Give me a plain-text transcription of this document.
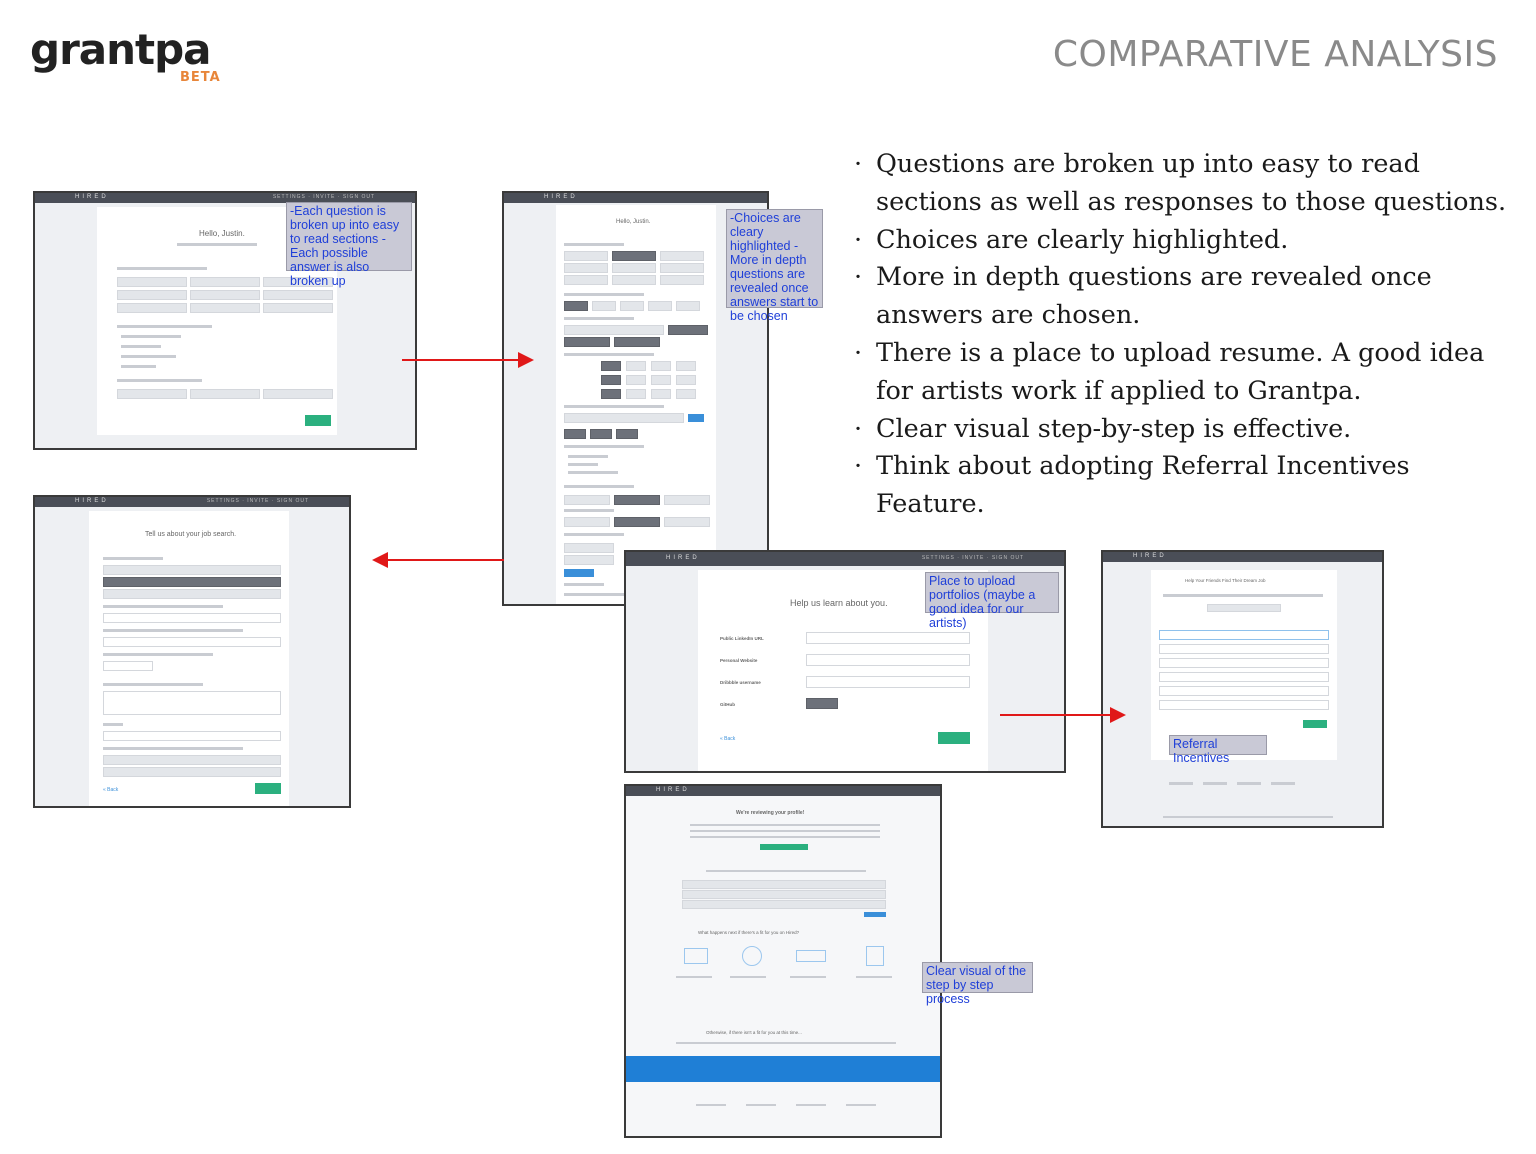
grantpa
BETA
COMPARATIVE ANALYSIS
· Questions are broken up into easy to read sections as well as responses to those questions.
· Choices are clearly highlighted.
· More in depth questions are revealed once answers are chosen.
· There is a place to upload resume. A good idea for artists work if applied to Grantpa.
· Clear visual step-by-step is effective.
· Think about adopting Referral Incentives Feature.
HIRED	SETTINGS · INVITE · SIGN OUT
Hello, Justin.
-Each question is broken up into easy to read sections -Each possible answer is also broken up
HIRED
Hello, Justin.	-Choices are cleary highlighted -More in depth questions are revealed once answers start to be chosen
HIRED	SETTINGS · INVITE · SIGN OUT
Tell us about your job search.
« Back
HIRED	SETTINGS · INVITE · SIGN OUT
Help us learn about you.
Public LinkedIn URL
Personal Website
Dribbble username
GitHub
« Back
Place to upload portfolios (maybe a good idea for our artists)
HIRED
Help Your Friends Find Their Dream Job
Referral Incentives
HIRED
We're reviewing your profile!
What happens next if there's a fit for you on Hired?
Otherwise, if there isn't a fit for you at this time...
Clear visual of the step by step process
